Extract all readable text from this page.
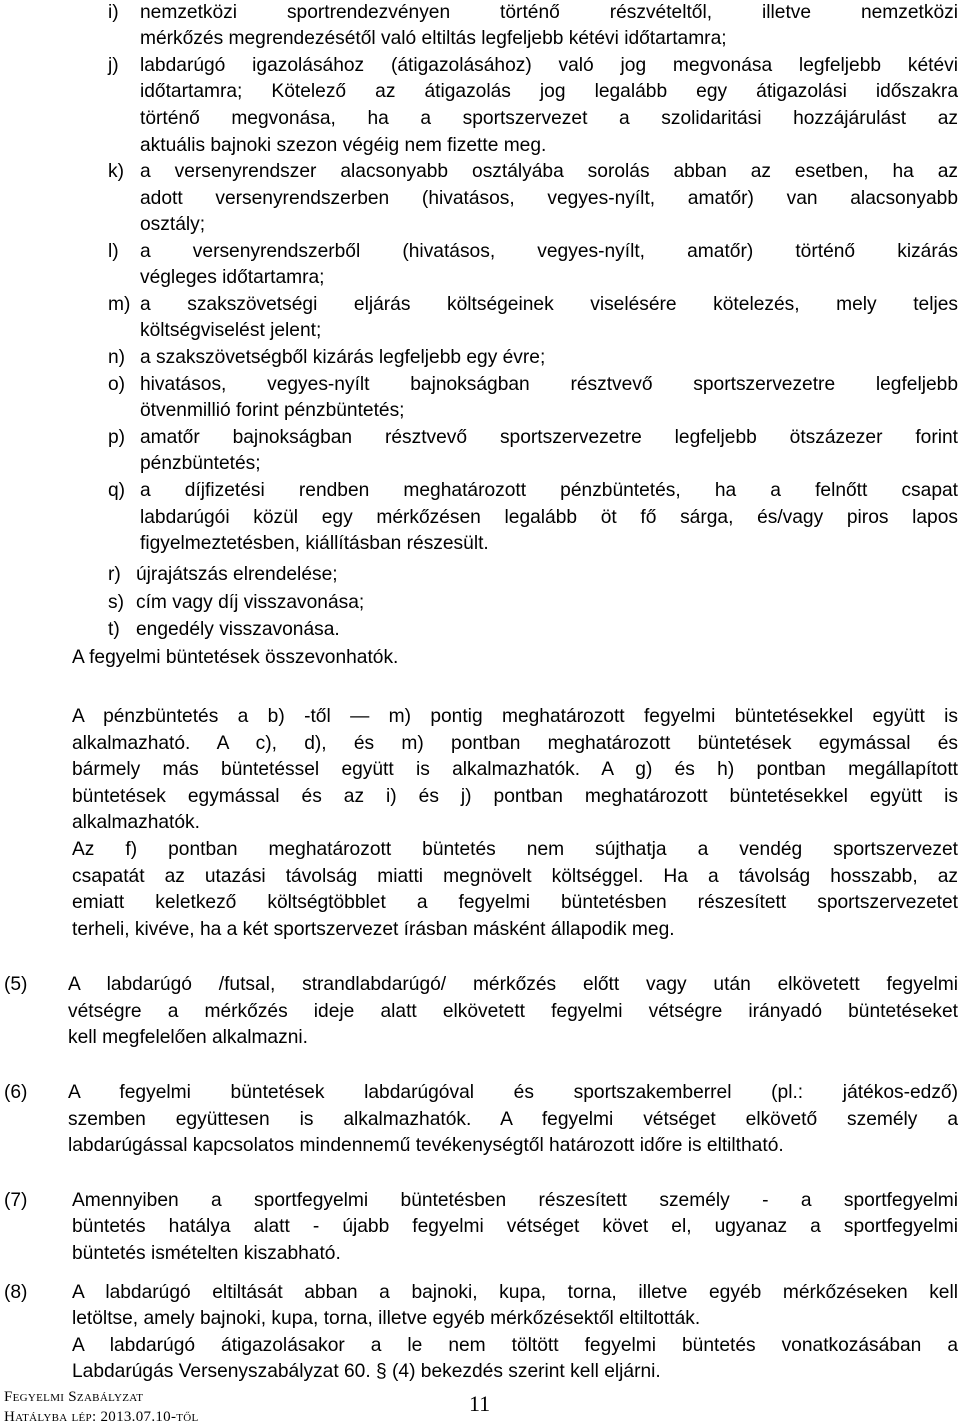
i) nemzetközi sportrendezvényen történő részvételtől, illetve nemzetközi
mérkőzés megrendezésétől való eltiltás legfeljebb kétévi időtartamra;
j) labdarúgó igazolásához (átigazolásához) való jog megvonása legfeljebb kétévi
időtartamra; Kötelező az átigazolás jog legalább egy átigazolási időszakra
történő megvonása, ha a sportszervezet a szolidaritási hozzájárulást az
aktuális bajnoki szezon végéig nem fizette meg.
k) a versenyrendszer alacsonyabb osztályába sorolás abban az esetben, ha az
adott versenyrendszerben (hivatásos, vegyes-nyílt, amatőr) van alacsonyabb
osztály;
l) a versenyrendszerből (hivatásos, vegyes-nyílt, amatőr) történő kizárás
végleges időtartamra;
m) a szakszövetségi eljárás költségeinek viselésére kötelezés, mely teljes
költségviselést jelent;
n) a szakszövetségből kizárás legfeljebb egy évre;
o) hivatásos, vegyes-nyílt bajnokságban résztvevő sportszervezetre legfeljebb
ötvenmillió forint pénzbüntetés;
p) amatőr bajnokságban résztvevő sportszervezetre legfeljebb ötszázezer forint
pénzbüntetés;
q) a díjfizetési rendben meghatározott pénzbüntetés, ha a felnőtt csapat
labdarúgói közül egy mérkőzésen legalább öt fő sárga, és/vagy piros lapos
figyelmeztetésben, kiállításban részesült.
r) újrajátszás elrendelése;
s) cím vagy díj visszavonása;
t) engedély visszavonása.
A fegyelmi büntetések összevonhatók.
A pénzbüntetés a b) -től — m) pontig meghatározott fegyelmi büntetésekkel együtt is
alkalmazható. A c), d), és m) pontban meghatározott büntetések egymással és
bármely más büntetéssel együtt is alkalmazhatók. A g) és h) pontban megállapított
büntetések egymással és az i) és j) pontban meghatározott büntetésekkel együtt is
alkalmazhatók.
Az f) pontban meghatározott büntetés nem sújthatja a vendég sportszervezet
csapatát az utazási távolság miatti megnövelt költséggel. Ha a távolság hosszabb, az
emiatt keletkező költségtöbblet a fegyelmi büntetésben részesített sportszervezetet
terheli, kivéve, ha a két sportszervezet írásban másként állapodik meg.
(5) A labdarúgó /futsal, strandlabdarúgó/ mérkőzés előtt vagy után elkövetett fegyelmi
vétségre a mérkőzés ideje alatt elkövetett fegyelmi vétségre irányadó büntetéseket
kell megfelelően alkalmazni.
(6) A fegyelmi büntetések labdarúgóval és sportszakemberrel (pl.: játékos-edző)
szemben együttesen is alkalmazhatók. A fegyelmi vétséget elkövető személy a
labdarúgással kapcsolatos mindennemű tevékenységtől határozott időre is eltiltható.
(7) Amennyiben a sportfegyelmi büntetésben részesített személy - a sportfegyelmi
büntetés hatálya alatt - újabb fegyelmi vétséget követ el, ugyanaz a sportfegyelmi
büntetés ismételten kiszabható.
(8) A labdarúgó eltiltását abban a bajnoki, kupa, torna, illetve egyéb mérkőzéseken kell
letöltse, amely bajnoki, kupa, torna, illetve egyéb mérkőzésektől eltiltották.
A labdarúgó átigazolásakor a le nem töltött fegyelmi büntetés vonatkozásában a
Labdarúgás Versenyszabályzat 60. § (4) bekezdés szerint kell eljárni.
Fegyelmi Szabályzat
Hatályba lép: 2013.07.10-től
11
